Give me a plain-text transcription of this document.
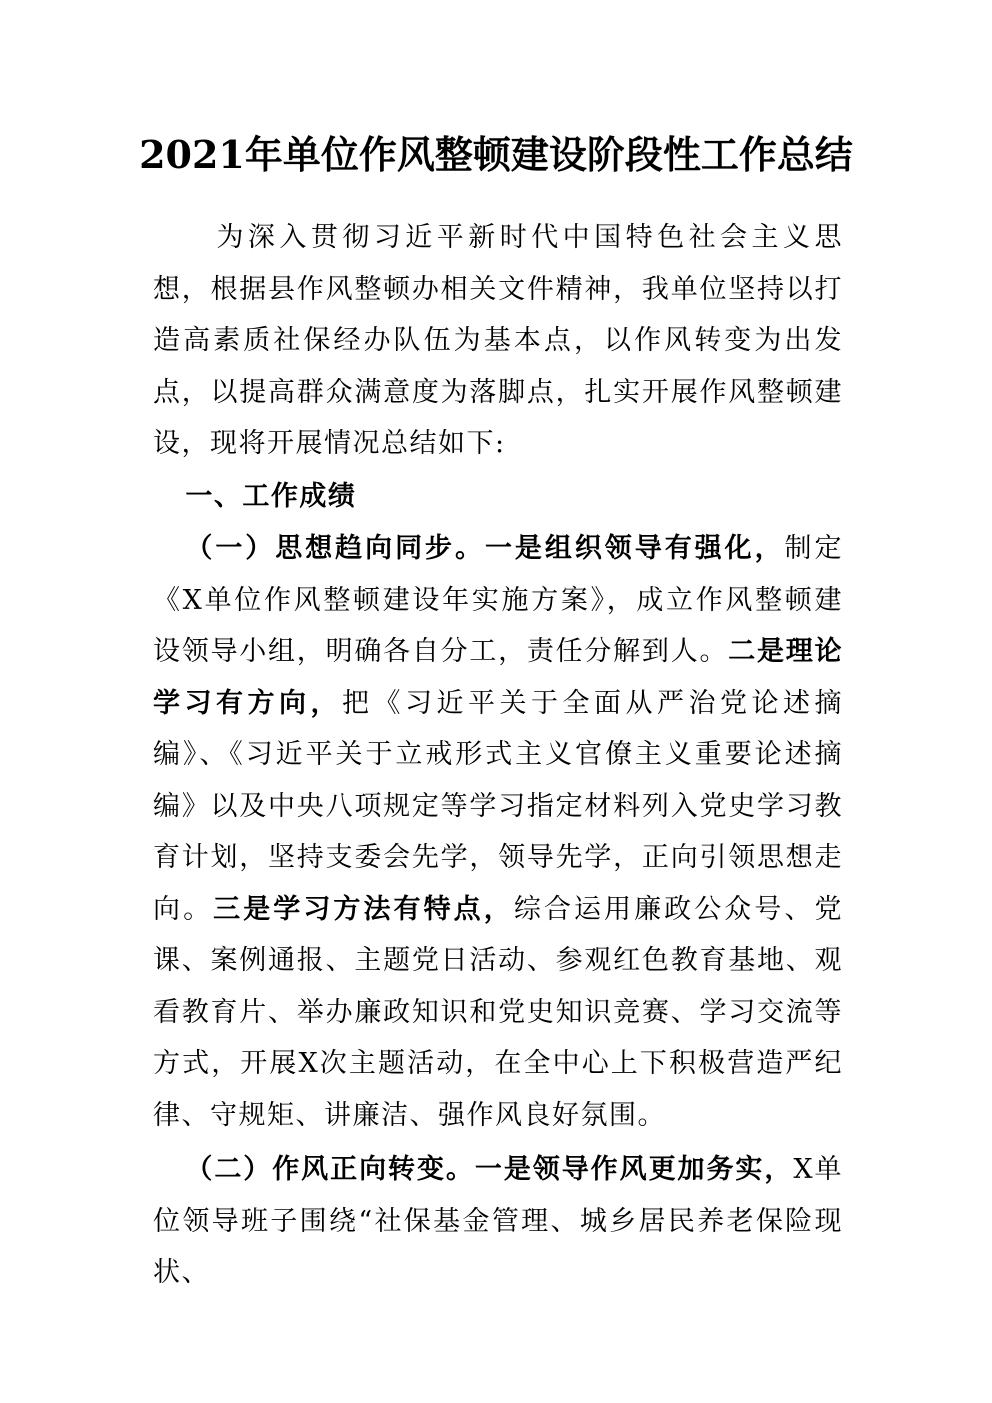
2021年单位作风整顿建设阶段性工作总结

为深入贯彻习近平新时代中国特色社会主义思想，根据县作风整顿办相关文件精神，我单位坚持以打造高素质社保经办队伍为基本点，以作风转变为出发点，以提高群众满意度为落脚点，扎实开展作风整顿建设，现将开展情况总结如下:

一、工作成绩

（一）思想趋向同步。一是组织领导有强化，制定《X单位作风整顿建设年实施方案》，成立作风整顿建设领导小组，明确各自分工，责任分解到人。二是理论学习有方向，把《习近平关于全面从严治党论述摘编》、《习近平关于立戒形式主义官僚主义重要论述摘编》以及中央八项规定等学习指定材料列入党史学习教育计划，坚持支委会先学，领导先学，正向引领思想走向。三是学习方法有特点，综合运用廉政公众号、党课、案例通报、主题党日活动、参观红色教育基地、观看教育片、举办廉政知识和党史知识竞赛、学习交流等方式，开展X次主题活动，在全中心上下积极营造严纪律、守规矩、讲廉洁、强作风良好氛围。

（二）作风正向转变。一是领导作风更加务实，X单位领导班子围绕“社保基金管理、城乡居民养老保险现状、
